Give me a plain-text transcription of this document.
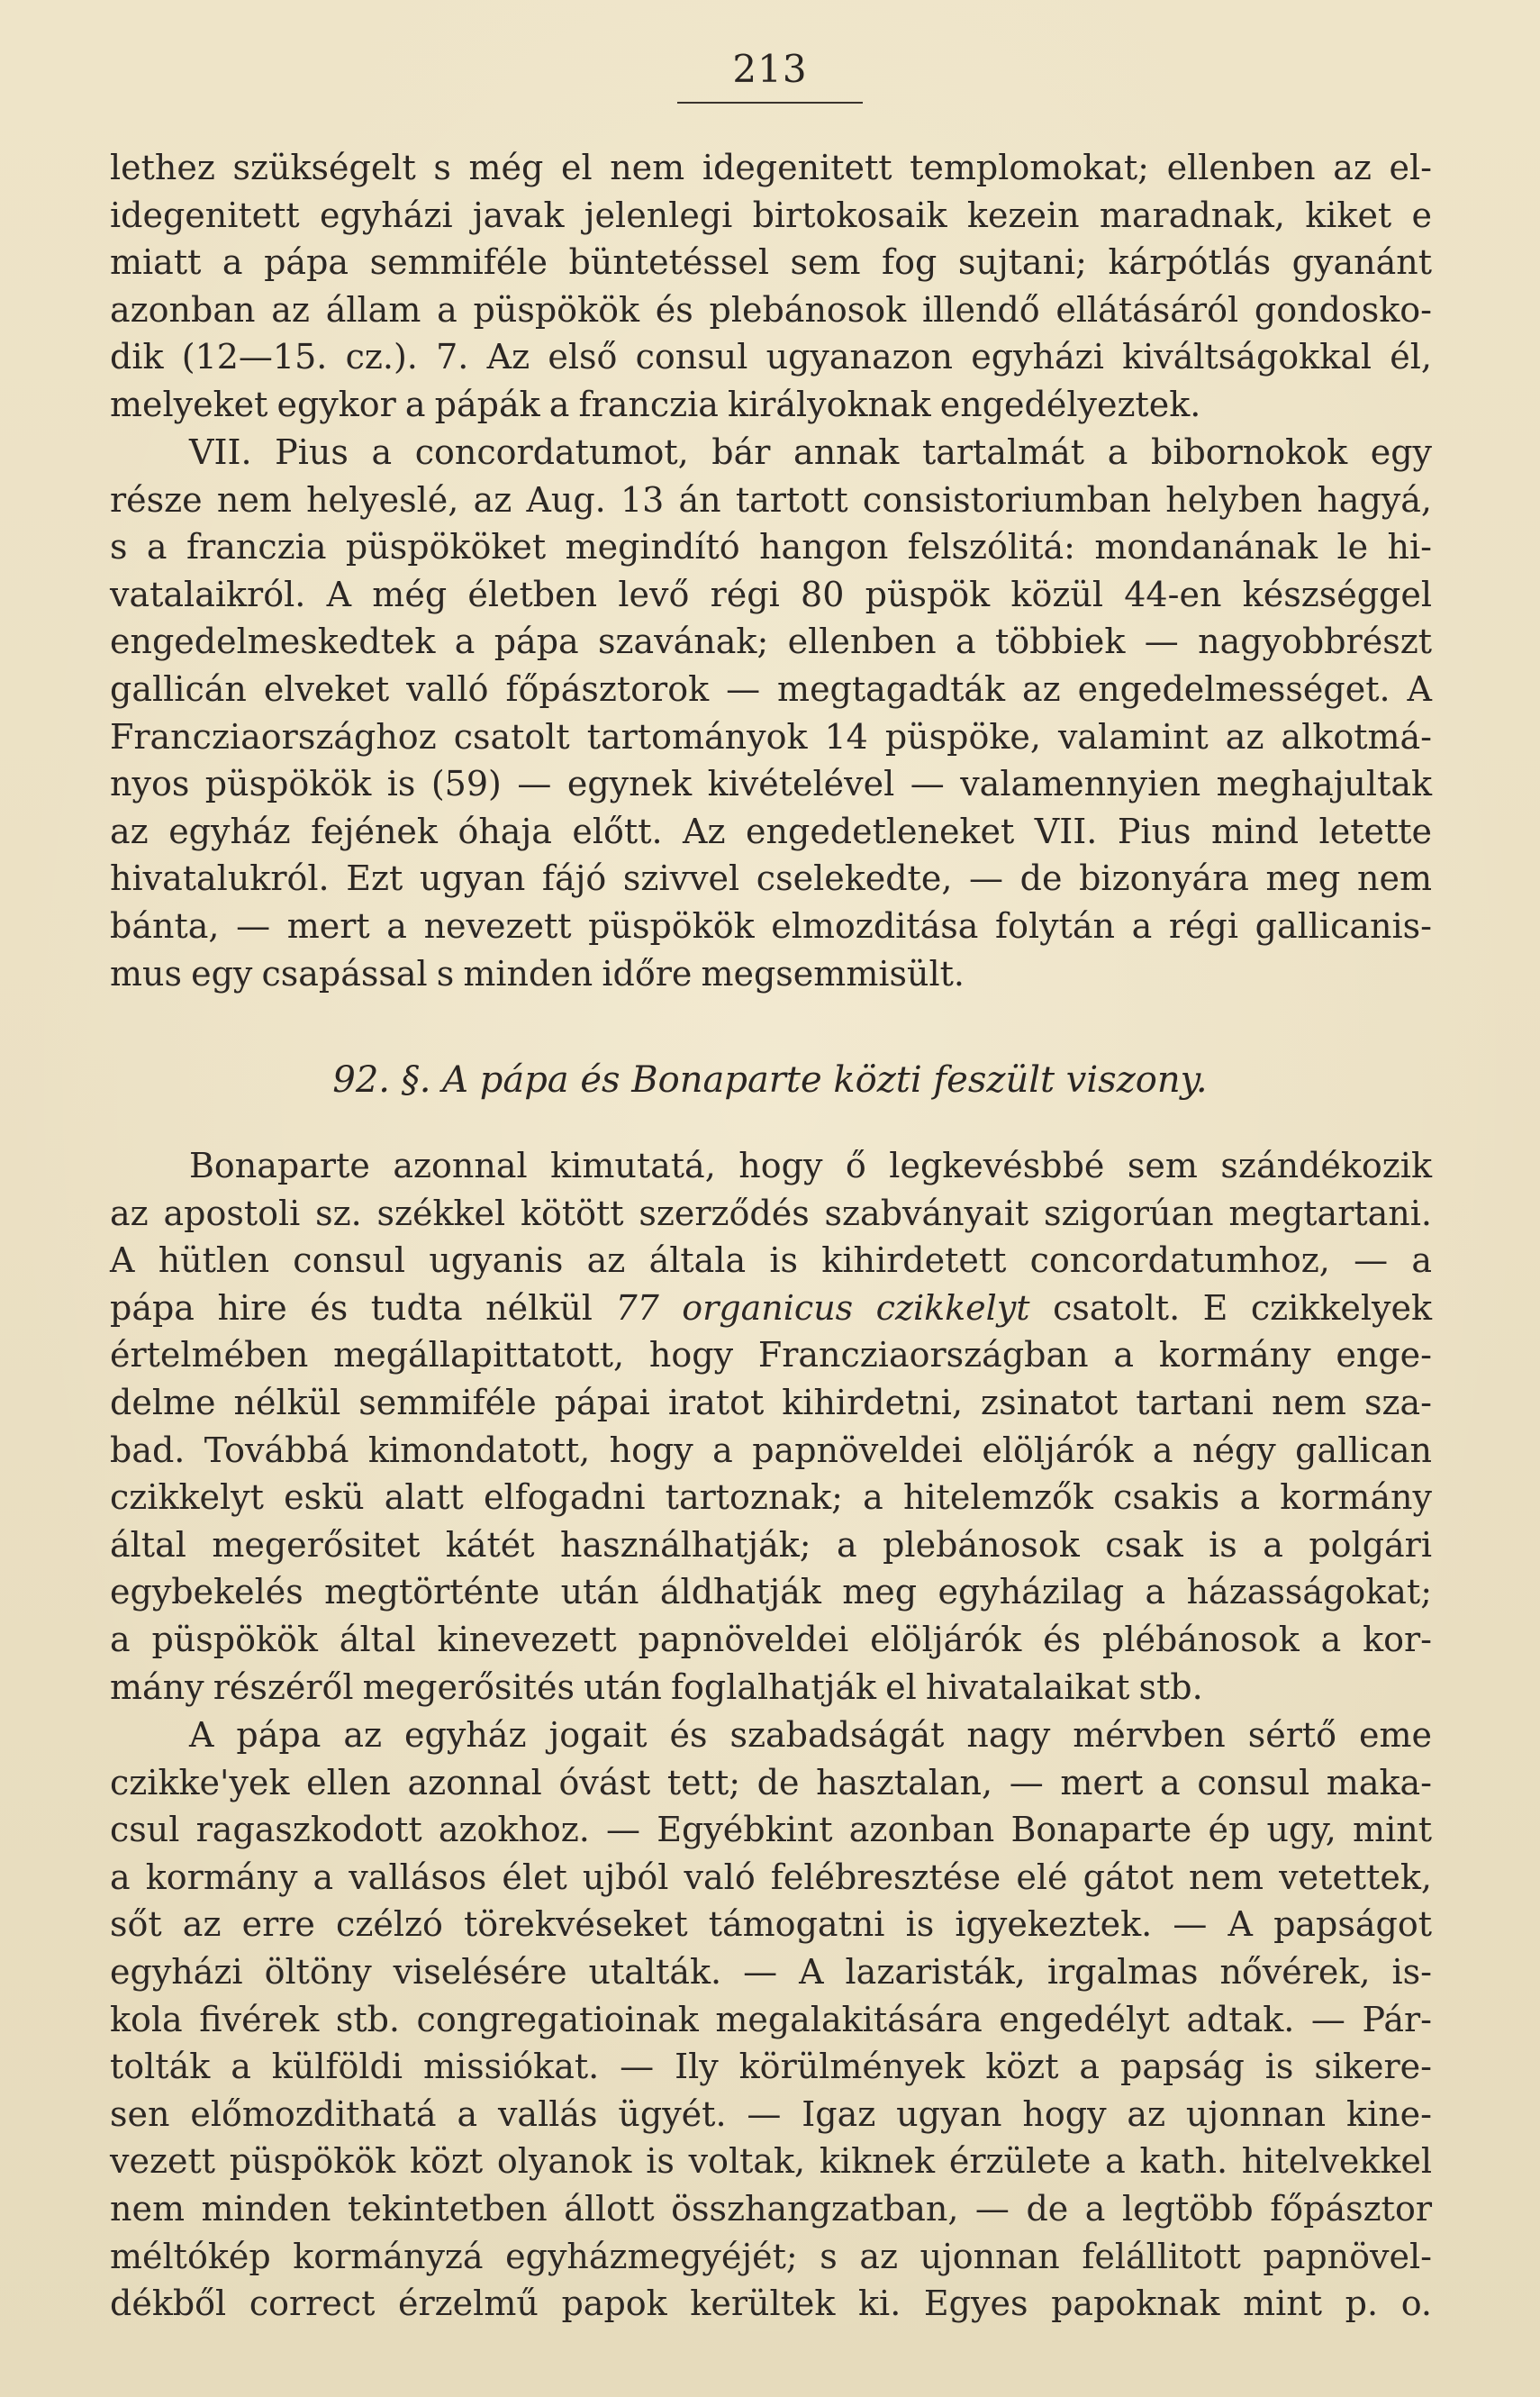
213
lethez szükségelt s még el nem idegenitett templomokat; ellenben az el-
idegenitett egyházi javak jelenlegi birtokosaik kezein maradnak, kiket e
miatt a pápa semmiféle büntetéssel sem fog sujtani; kárpótlás gyanánt
azonban az állam a püspökök és plebánosok illendő ellátásáról gondosko-
dik (12—15. cz.). 7. Az első consul ugyanazon egyházi kiváltságokkal él,
melyeket egykor a pápák a franczia királyoknak engedélyeztek.
VII. Pius a concordatumot, bár annak tartalmát a bibornokok egy
része nem helyeslé, az Aug. 13 án tartott consistoriumban helyben hagyá,
s a franczia püspököket megindító hangon felszólitá: mondanának le hi-
vatalaikról. A még életben levő régi 80 püspök közül 44-en készséggel
engedelmeskedtek a pápa szavának; ellenben a többiek — nagyobbrészt
gallicán elveket valló főpásztorok — megtagadták az engedelmességet. A
Francziaországhoz csatolt tartományok 14 püspöke, valamint az alkotmá-
nyos püspökök is (59) — egynek kivételével — valamennyien meghajultak
az egyház fejének óhaja előtt. Az engedetleneket VII. Pius mind letette
hivatalukról. Ezt ugyan fájó szivvel cselekedte, — de bizonyára meg nem
bánta, — mert a nevezett püspökök elmozditása folytán a régi gallicanis-
mus egy csapással s minden időre megsemmisült.
92. §. A pápa és Bonaparte közti feszült viszony.
Bonaparte azonnal kimutatá, hogy ő legkevésbbé sem szándékozik
az apostoli sz. székkel kötött szerződés szabványait szigorúan megtartani.
A hütlen consul ugyanis az általa is kihirdetett concordatumhoz, — a
pápa hire és tudta nélkül 77 organicus czikkelyt csatolt. E czikkelyek
értelmében megállapittatott, hogy Francziaországban a kormány enge-
delme nélkül semmiféle pápai iratot kihirdetni, zsinatot tartani nem sza-
bad. Továbbá kimondatott, hogy a papnöveldei elöljárók a négy gallican
czikkelyt eskü alatt elfogadni tartoznak; a hitelemzők csakis a kormány
által megerősitet kátét használhatják; a plebánosok csak is a polgári
egybekelés megtörténte után áldhatják meg egyházilag a házasságokat;
a püspökök által kinevezett papnöveldei elöljárók és plébánosok a kor-
mány részéről megerősités után foglalhatják el hivatalaikat stb.
A pápa az egyház jogait és szabadságát nagy mérvben sértő eme
czikke'yek ellen azonnal óvást tett; de hasztalan, — mert a consul maka-
csul ragaszkodott azokhoz. — Egyébkint azonban Bonaparte ép ugy, mint
a kormány a vallásos élet ujból való felébresztése elé gátot nem vetettek,
sőt az erre czélzó törekvéseket támogatni is igyekeztek. — A papságot
egyházi öltöny viselésére utalták. — A lazaristák, irgalmas nővérek, is-
kola fivérek stb. congregatioinak megalakitására engedélyt adtak. — Pár-
tolták a külföldi missiókat. — Ily körülmények közt a papság is sikere-
sen előmozdithatá a vallás ügyét. — Igaz ugyan hogy az ujonnan kine-
vezett püspökök közt olyanok is voltak, kiknek érzülete a kath. hitelvekkel
nem minden tekintetben állott összhangzatban, — de a legtöbb főpásztor
méltókép kormányzá egyházmegyéjét; s az ujonnan felállitott papnövel-
dékből correct érzelmű papok kerültek ki. Egyes papoknak mint p. o.
